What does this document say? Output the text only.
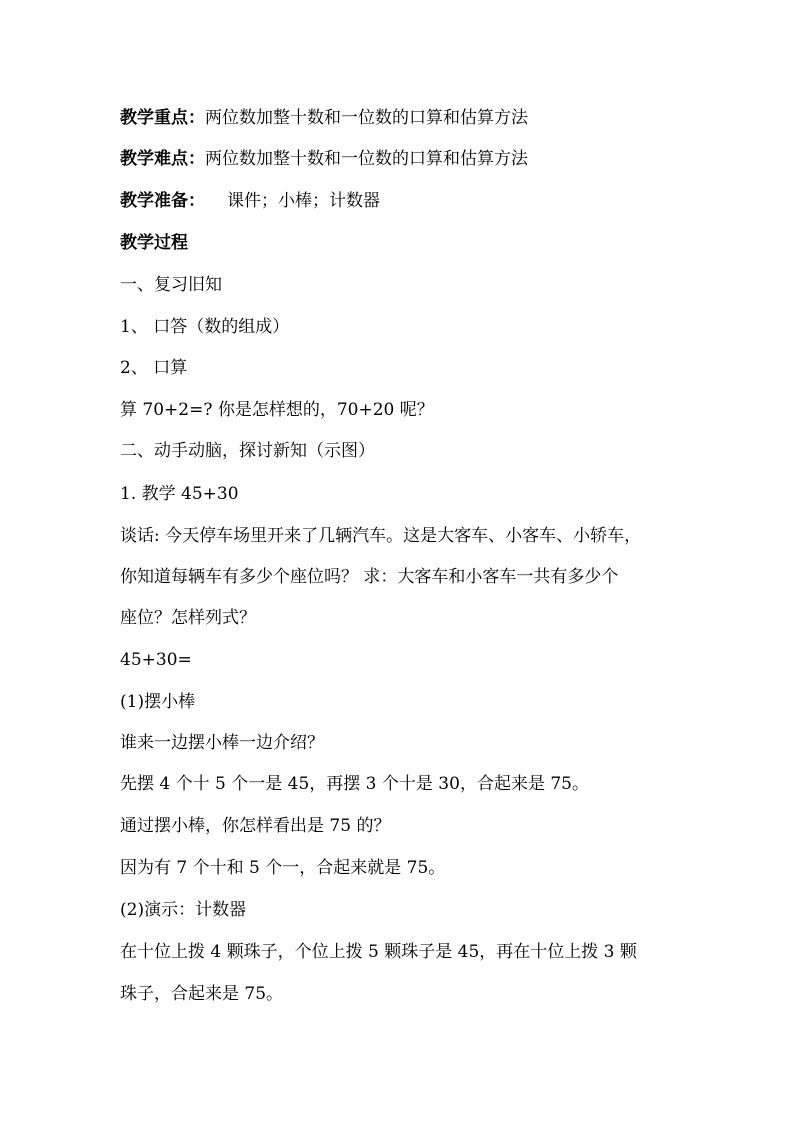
教学重点：两位数加整十数和一位数的口算和估算方法
教学难点：两位数加整十数和一位数的口算和估算方法
教学准备： 课件；小棒；计数器
教学过程
一、复习旧知
1、 口答（数的组成）
2、 口算
算 70+2=? 你是怎样想的，70+20 呢？
二、动手动脑，探讨新知（示图）
1. 教学 45+30
谈话: 今天停车场里开来了几辆汽车。这是大客车、小客车、小轿车，
你知道每辆车有多少个座位吗？ 求：大客车和小客车一共有多少个
座位？怎样列式？
45+30=
(1)摆小棒
谁来一边摆小棒一边介绍？
先摆 4 个十 5 个一是 45，再摆 3 个十是 30，合起来是 75。
通过摆小棒，你怎样看出是 75 的？
因为有 7 个十和 5 个一，合起来就是 75。
(2)演示：计数器
在十位上拨 4 颗珠子，个位上拨 5 颗珠子是 45，再在十位上拨 3 颗
珠子，合起来是 75。
